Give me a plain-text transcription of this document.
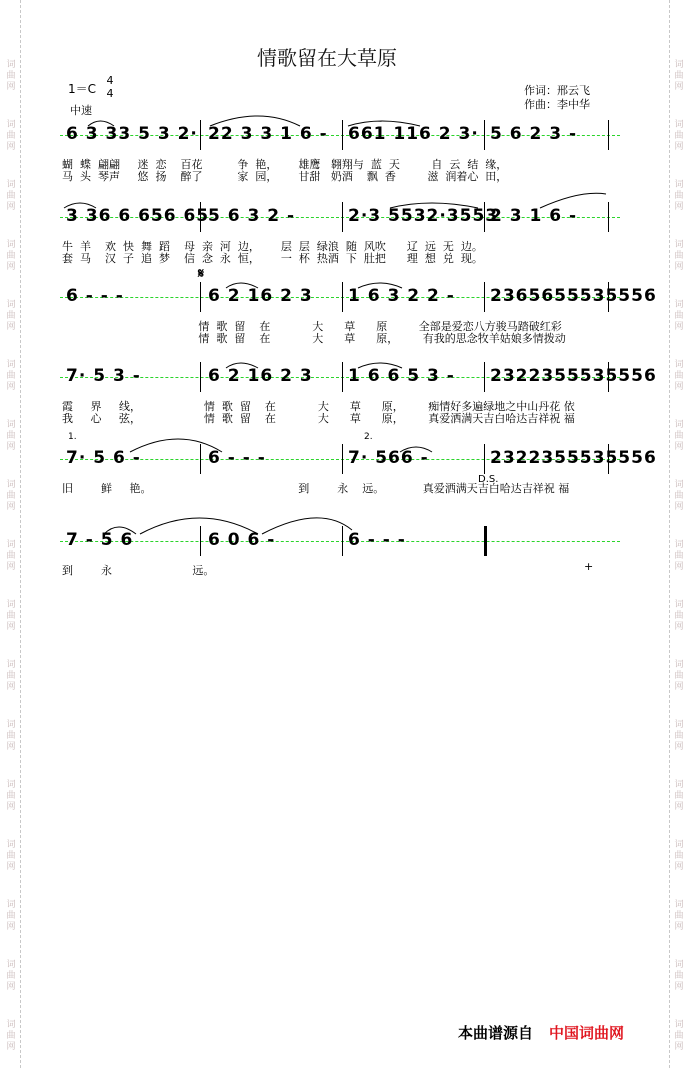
词
曲
网
词
曲
网
词
曲
网
词
曲
网
词
曲
网
词
曲
网
词
曲
网
词
曲
网
词
曲
网
词
曲
网
词
曲
网
词
曲
网
词
曲
网
词
曲
网
词
曲
网
词
曲
网
词
曲
网
词
曲
网
词
曲
网
词
曲
网
词
曲
网
词
曲
网
词
曲
网
词
曲
网
词
曲
网
词
曲
网
词
曲
网
词
曲
网
词
曲
网
词
曲
网
词
曲
网
词
曲
网
词
曲
网
词
曲
网
情歌留在大草原
1＝C
4
4
中速
作词：邢云飞
作曲：李中华
6 3 33 5 3 2· 22 3 3 1 6 - 661 116 2 3· 5 6 2 3 -
蝴  蝶  翩翩     迷  恋    百花          争  艳，      雄鹰   翱翔与  蓝  天         自  云  结  缘，
马  头  琴声     悠  扬    醉了          家  园，      甘甜   奶酒    飘  香         滋  润着心  田，
3 36 6 656 65
5 6 3 2 -	2·3 5532·3553
2 3 1 6 -
牛  羊    欢  快  舞  蹈    母  亲  河  边，      层  层  绿浪  随  风吹      辽  远  无  边。
套  马    汉  子  追  梦    信  念  永  恒，      一  杯  热酒  下  肚把      理  想  兑  现。
6 - - -	6 2 16 2 3 1 6 3 2 2 - 2365655535556
情  歌  留    在            大      草      原         全部是爱恋八方骏马踏破红彩
情  歌  留    在            大      草      原，       有我的思念牧羊姑娘多情拨动
7· 5 3 -	6 2 16 2 3 1 6 6 5 3 - 2322355535556
霞     界     线，                  情  歌  留    在            大      草      原，       痴情好多遍绿地之中山丹花 依
我     心     弦，                  情  歌  留    在            大      草      原，       真爱洒满天吉白哈达吉祥祝 福
7· 5 6 -	6 - - -	7· 566 -	2322355535556
旧        鲜     艳。                                          到        永    远。           真爱洒满天吉白哈达吉祥祝 福
7 - 5 6	6 0 6 -	6 - - -
到        永                       远。
𝄋
1.	2.
D.S.
+
本曲谱源自 中国词曲网
